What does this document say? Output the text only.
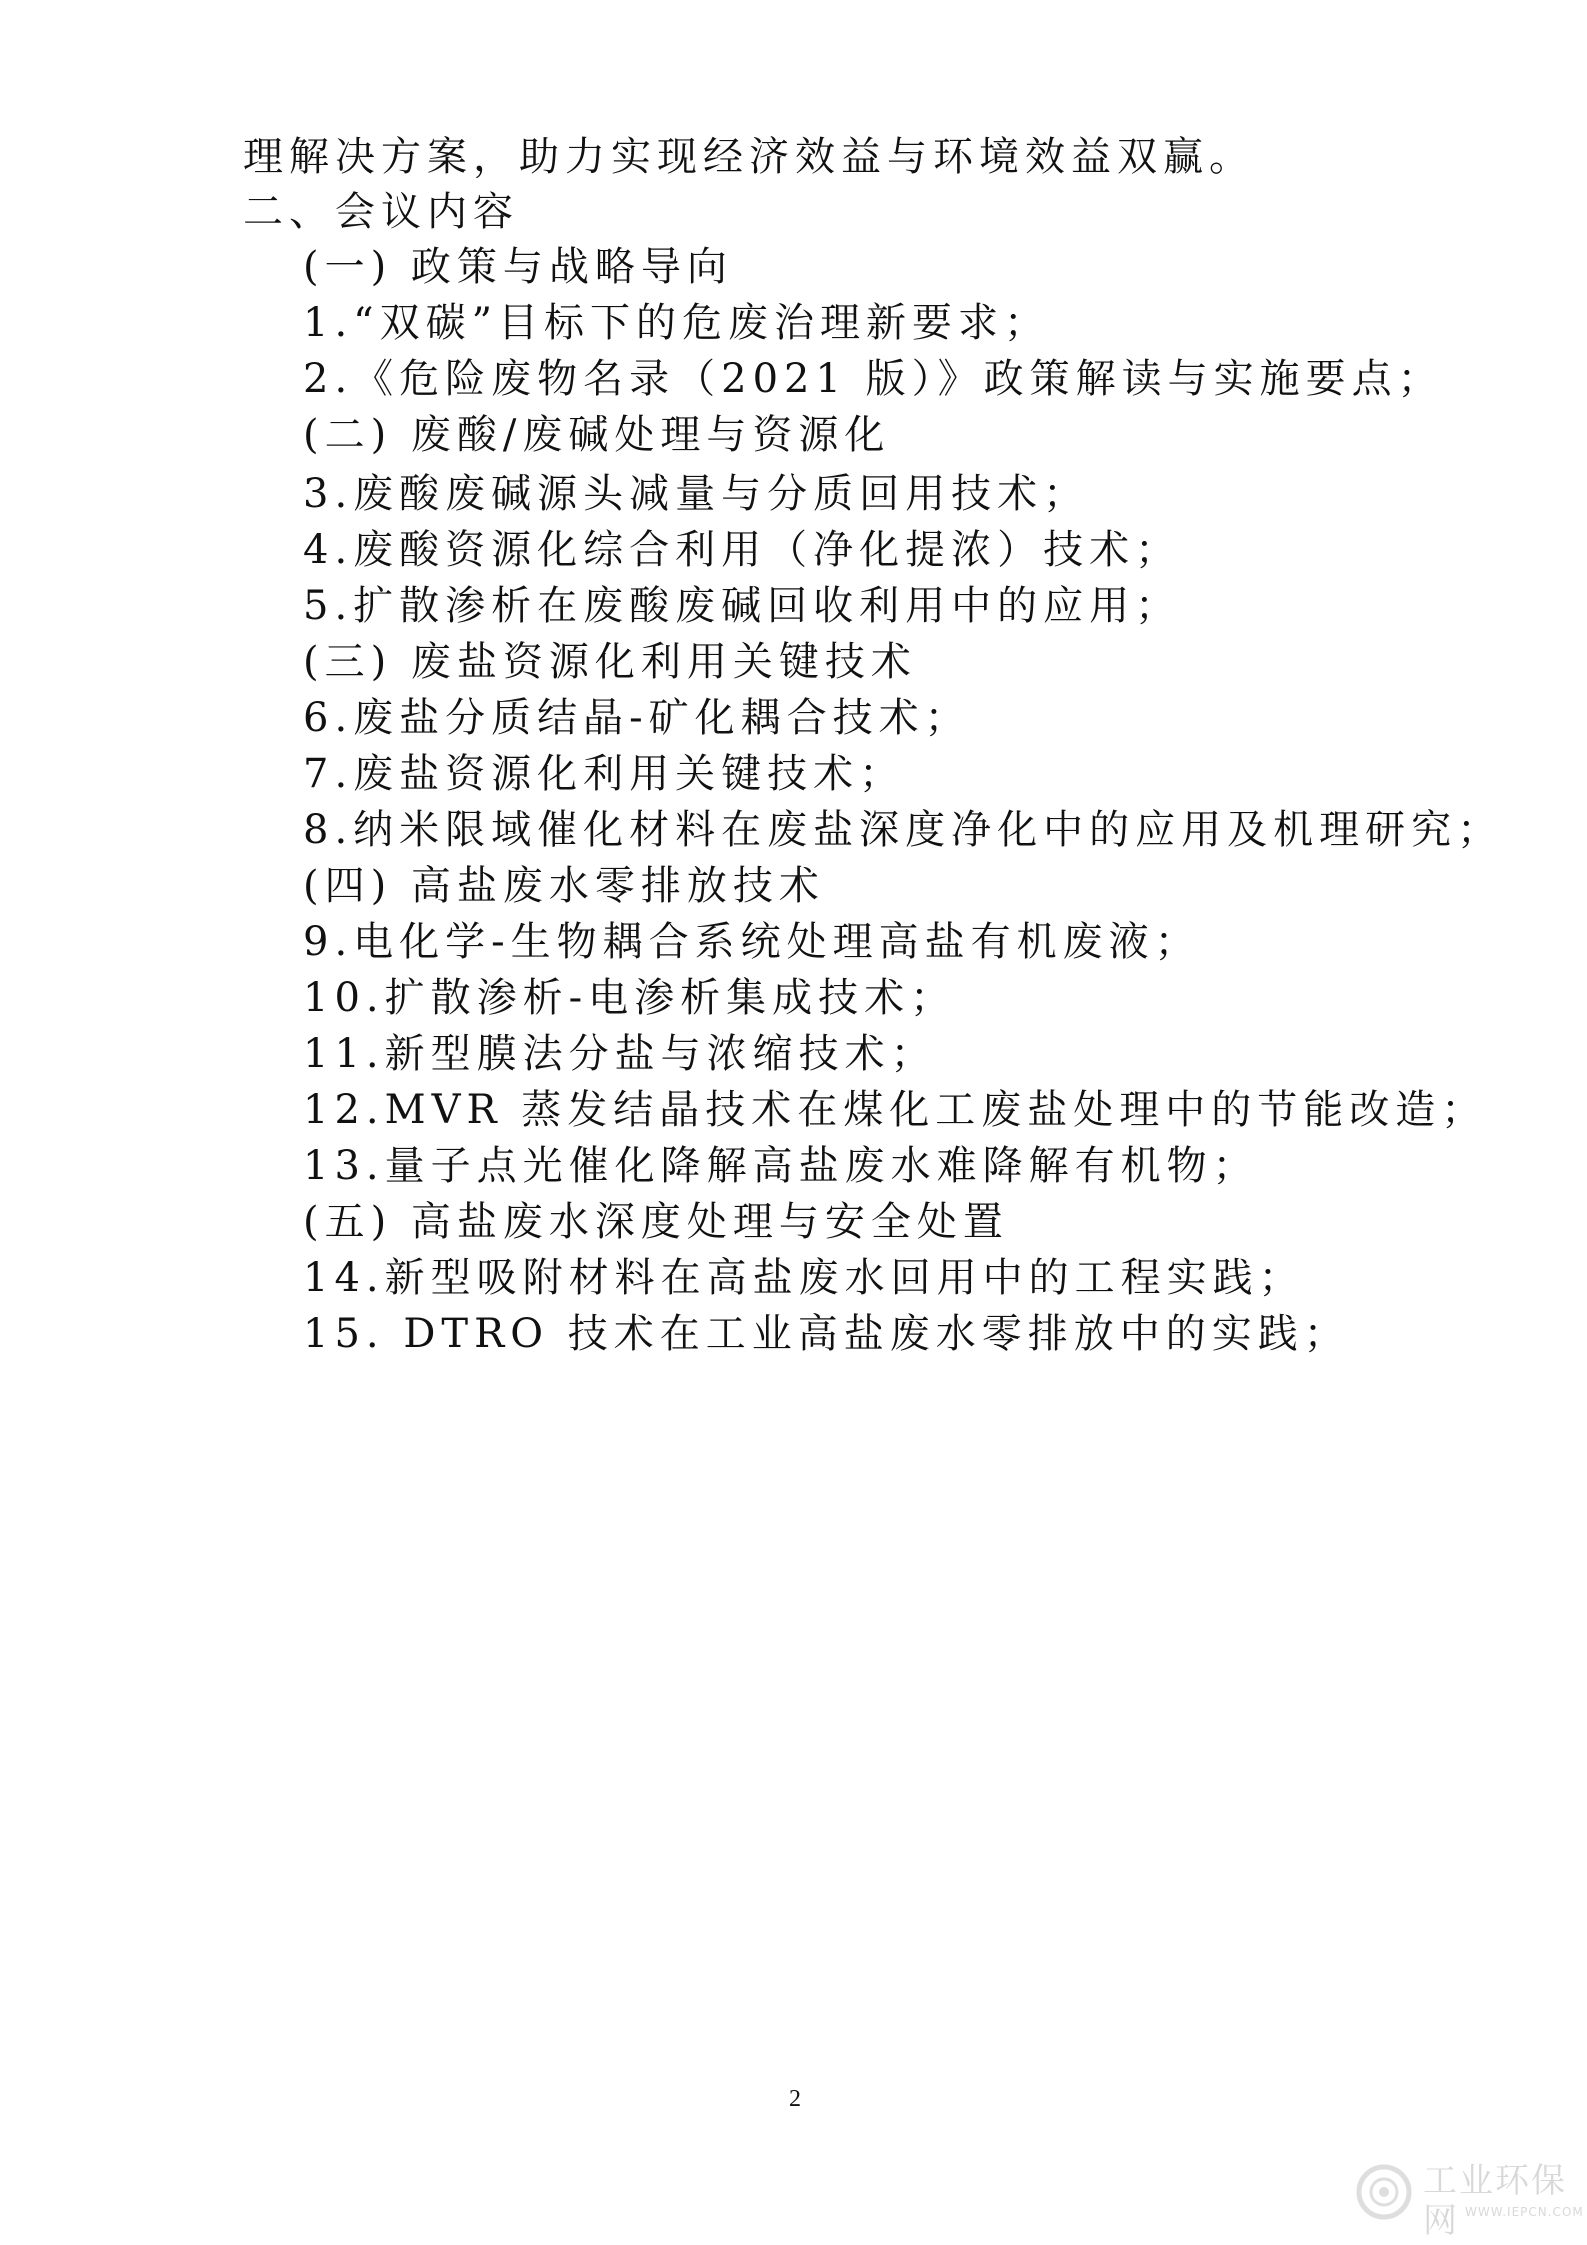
理解决方案，助力实现经济效益与环境效益双赢。
二、会议内容
(一) 政策与战略导向
1.“双碳”目标下的危废治理新要求；
2.《危险废物名录（2021 版）》政策解读与实施要点；
(二) 废酸/废碱处理与资源化
3.废酸废碱源头减量与分质回用技术；
4.废酸资源化综合利用（净化提浓）技术；
5.扩散渗析在废酸废碱回收利用中的应用；
(三) 废盐资源化利用关键技术
6.废盐分质结晶-矿化耦合技术；
7.废盐资源化利用关键技术；
8.纳米限域催化材料在废盐深度净化中的应用及机理研究；
(四) 高盐废水零排放技术
9.电化学-生物耦合系统处理高盐有机废液；
10.扩散渗析-电渗析集成技术；
11.新型膜法分盐与浓缩技术；
12.MVR 蒸发结晶技术在煤化工废盐处理中的节能改造；
13.量子点光催化降解高盐废水难降解有机物；
(五) 高盐废水深度处理与安全处置
14.新型吸附材料在高盐废水回用中的工程实践；
15. DTRO 技术在工业高盐废水零排放中的实践；
2
工业环保网 WWW.IEPCN.COM
